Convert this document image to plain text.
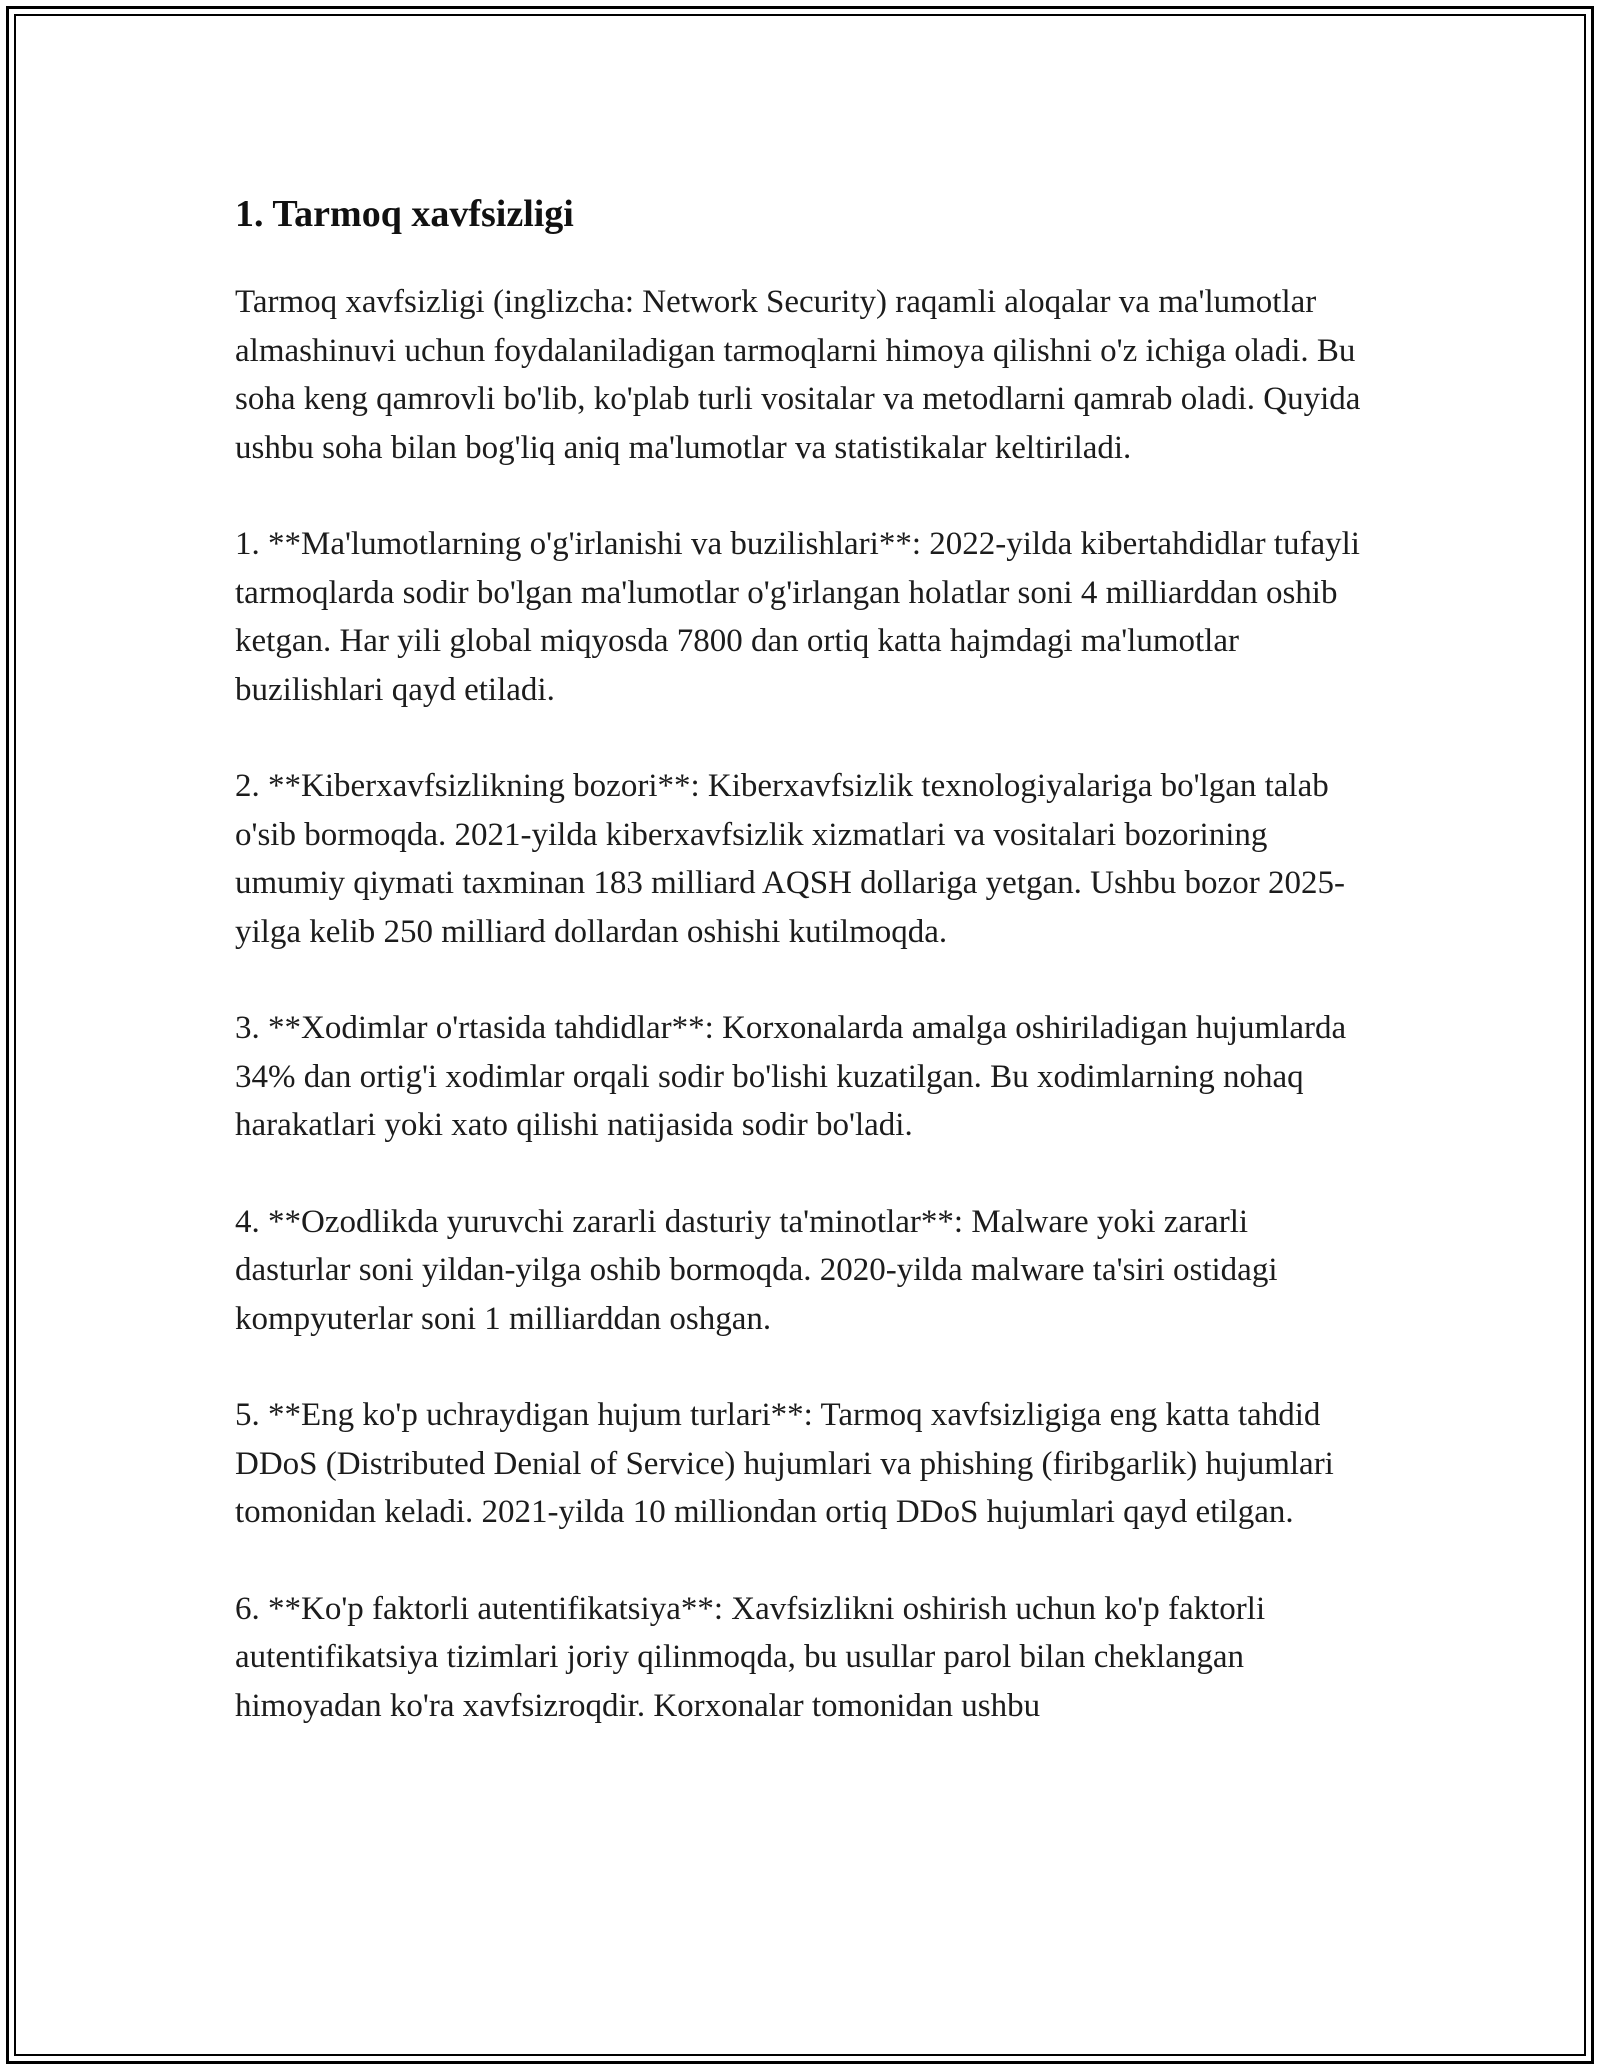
1. Tarmoq xavfsizligi

Tarmoq xavfsizligi (inglizcha: Network Security) raqamli aloqalar va ma'lumotlar almashinuvi uchun foydalaniladigan tarmoqlarni himoya qilishni o'z ichiga oladi. Bu soha keng qamrovli bo'lib, ko'plab turli vositalar va metodlarni qamrab oladi. Quyida ushbu soha bilan bog'liq aniq ma'lumotlar va statistikalar keltiriladi.

1. **Ma'lumotlarning o'g'irlanishi va buzilishlari**: 2022-yilda kibertahdidlar tufayli tarmoqlarda sodir bo'lgan ma'lumotlar o'g'irlangan holatlar soni 4 milliarddan oshib ketgan. Har yili global miqyosda 7800 dan ortiq katta hajmdagi ma'lumotlar buzilishlari qayd etiladi.

2. **Kiberxavfsizlikning bozori**: Kiberxavfsizlik texnologiyalariga bo'lgan talab o'sib bormoqda. 2021-yilda kiberxavfsizlik xizmatlari va vositalari bozorining umumiy qiymati taxminan 183 milliard AQSH dollariga yetgan. Ushbu bozor 2025-yilga kelib 250 milliard dollardan oshishi kutilmoqda.

3. **Xodimlar o'rtasida tahdidlar**: Korxonalarda amalga oshiriladigan hujumlarda 34% dan ortig'i xodimlar orqali sodir bo'lishi kuzatilgan. Bu xodimlarning nohaq harakatlari yoki xato qilishi natijasida sodir bo'ladi.

4. **Ozodlikda yuruvchi zararli dasturiy ta'minotlar**: Malware yoki zararli dasturlar soni yildan-yilga oshib bormoqda. 2020-yilda malware ta'siri ostidagi kompyuterlar soni 1 milliarddan oshgan.

5. **Eng ko'p uchraydigan hujum turlari**: Tarmoq xavfsizligiga eng katta tahdid DDoS (Distributed Denial of Service) hujumlari va phishing (firibgarlik) hujumlari tomonidan keladi. 2021-yilda 10 milliondan ortiq DDoS hujumlari qayd etilgan.

6. **Ko'p faktorli autentifikatsiya**: Xavfsizlikni oshirish uchun ko'p faktorli autentifikatsiya tizimlari joriy qilinmoqda, bu usullar parol bilan cheklangan himoyadan ko'ra xavfsizroqdir. Korxonalar tomonidan ushbu
